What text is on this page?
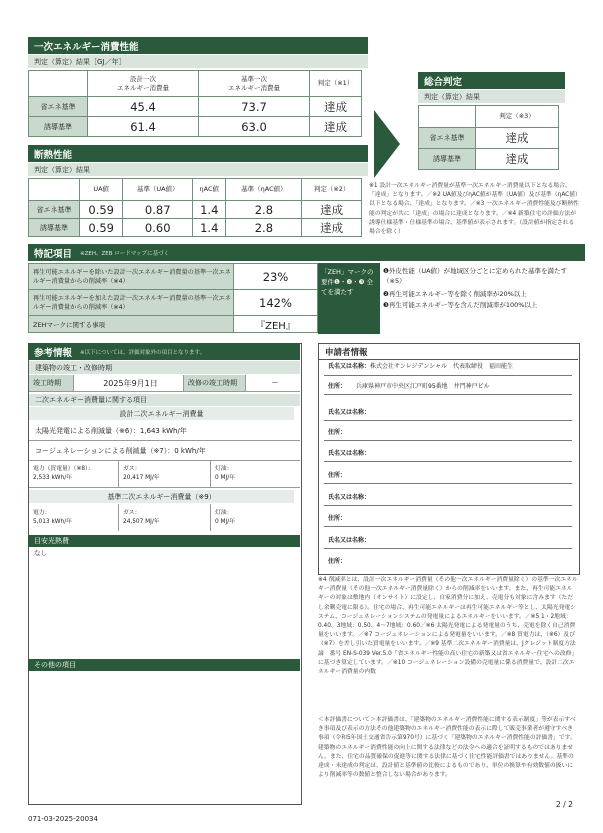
一次エネルギー消費性能
判定（算定）結果［GJ／年］
	設計一次
エネルギー消費量	基準一次
エネルギー消費量	判定（※1）
省エネ基準	45.4	73.7	達成
誘導基準	61.4	63.0	達成
断熱性能
判定（算定）結果
	UA値	基準（UA値）	ηAC値	基準（ηAC値）	判定（※2）
省エネ基準	0.59	0.87	1.4	2.8	達成
誘導基準	0.59	0.60	1.4	2.8	達成
総合判定
判定（算定）結果
	判定（※3）
省エネ基準	達成
誘導基準	達成
※1 設計一次エネルギー消費量が基準一次エネルギー消費量以下となる場合、「達成」となります。／※2 UA値及びηAC値が基準（UA値）及び基準（ηAC値）以下となる場合、「達成」となります。／※3 一次エネルギー消費性能及び断熱性能の判定が共に「達成」の場合に達成となります。／※4 新築住宅の評価方法が誘導仕様基準・仕様基準の場合、基準値が表示されます。（設計値が指定される場合を除く）
特記項目 ※ZEH、ZEB ロードマップに基づく
再生可能エネルギーを除いた設計一次エネルギー消費量の基準一次エネルギー消費量からの削減率（※4）	23%
再生可能エネルギーを加えた設計一次エネルギー消費量の基準一次エネルギー消費量からの削減率（※4）	142%
ZEHマークに関する事項	『ZEH』
「ZEH」マークの要件❶・❷・❸ 全てを満たす
❶外皮性能（UA値）が地域区分ごとに定められた基準を満たす（※5）
❷再生可能エネルギー等を除く削減率が20%以上
❸再生可能エネルギー等を含んだ削減率が100%以上
参考情報 ※以下については、評価対象外の項目となります。
建築物の竣工・改修時期
竣工時期	2025年9月1日	改修の竣工時期	ー
二次エネルギー消費量に関する項目
設計二次エネルギー消費量
太陽光発電による削減量（※6）：1,643 kWh/年
コージェネレーションによる削減量（※7）：0 kWh/年
電力（買電量）（※8）：
2,533 kWh/年
ガス：
20,417 MJ/年
灯油：
0 MJ/年
基準二次エネルギー消費量（※9）
電力：
5,013 kWh/年
ガス：
24,507 MJ/年
灯油：
0 MJ/年
目安光熱費
なし
その他の項目
申請者情報
氏名又は名称：株式会社サンレジデンシャル　代表取締役　福田能生
住所： 兵庫県神戸市中央区江戸町95番地　井門神戸ビル
氏名又は名称：
住所：
氏名又は名称：
住所：
氏名又は名称：
住所：
氏名又は名称：
住所：
※4 削減率とは、設計一次エネルギー消費量（その他一次エネルギー消費量除く）の基準一次エネルギー消費量（その他一次エネルギー消費量除く）からの削減率をいいます。また、再生可能エネルギーの対象は敷地内（オンサイト）に設定し、自家消費分に加え、売電分も対象に含みます（ただし余剰売電に限る）。住宅の場合、再生可能エネルギーは再生可能エネルギー等とし、太陽光発電システム、コージェネレーションシステムの発電量によるエネルギーをいいます。／※5 1・2地域：0.40、3地域：0.50、4〜7地域：0.60／※6 太陽光発電による発電量のうち、売電を除く自己消費量をいいます。／※7 コージェネレーションによる発電量をいいます。／※8 買電力は、（※6）及び（※7）を差し引いた買電量をいいます。／※9 基準二次エネルギー消費量は、Jクレジット制度方法論　番号 EN-S-039 Ver.5.0「省エネルギー性能の高い住宅の新築又は省エネルギー住宅への改修」に基づき算定しています。／※10 コージェネレーション設備の売電量に係る消費量で、設計二次エネルギー消費量の内数
＜本評価書について＞本評価書は、「建築物のエネルギー消費性能に関する表示制度」等が表示すべき事項及び表示の方法その他建築物のエネルギー消費性能の表示に際して販売事業者が遵守すべき事項（令和5年国土交通省告示第970号）に基づく「建築物のエネルギー消費性能の評価書」です。建築物のエネルギー消費性能の向上に関する法律などの法令への適合を証明するものではありません。また、住宅の品質確保の促進等に関する法律に基づく住宅性能評価書ではありません。基準の達成・未達成の判定は、設計値と基準値の比較によるものであり、単位の換算や有効数値の扱いにより削減率等の数値と整合しない場合があります。
2 / 2
071-03-2025-20034
